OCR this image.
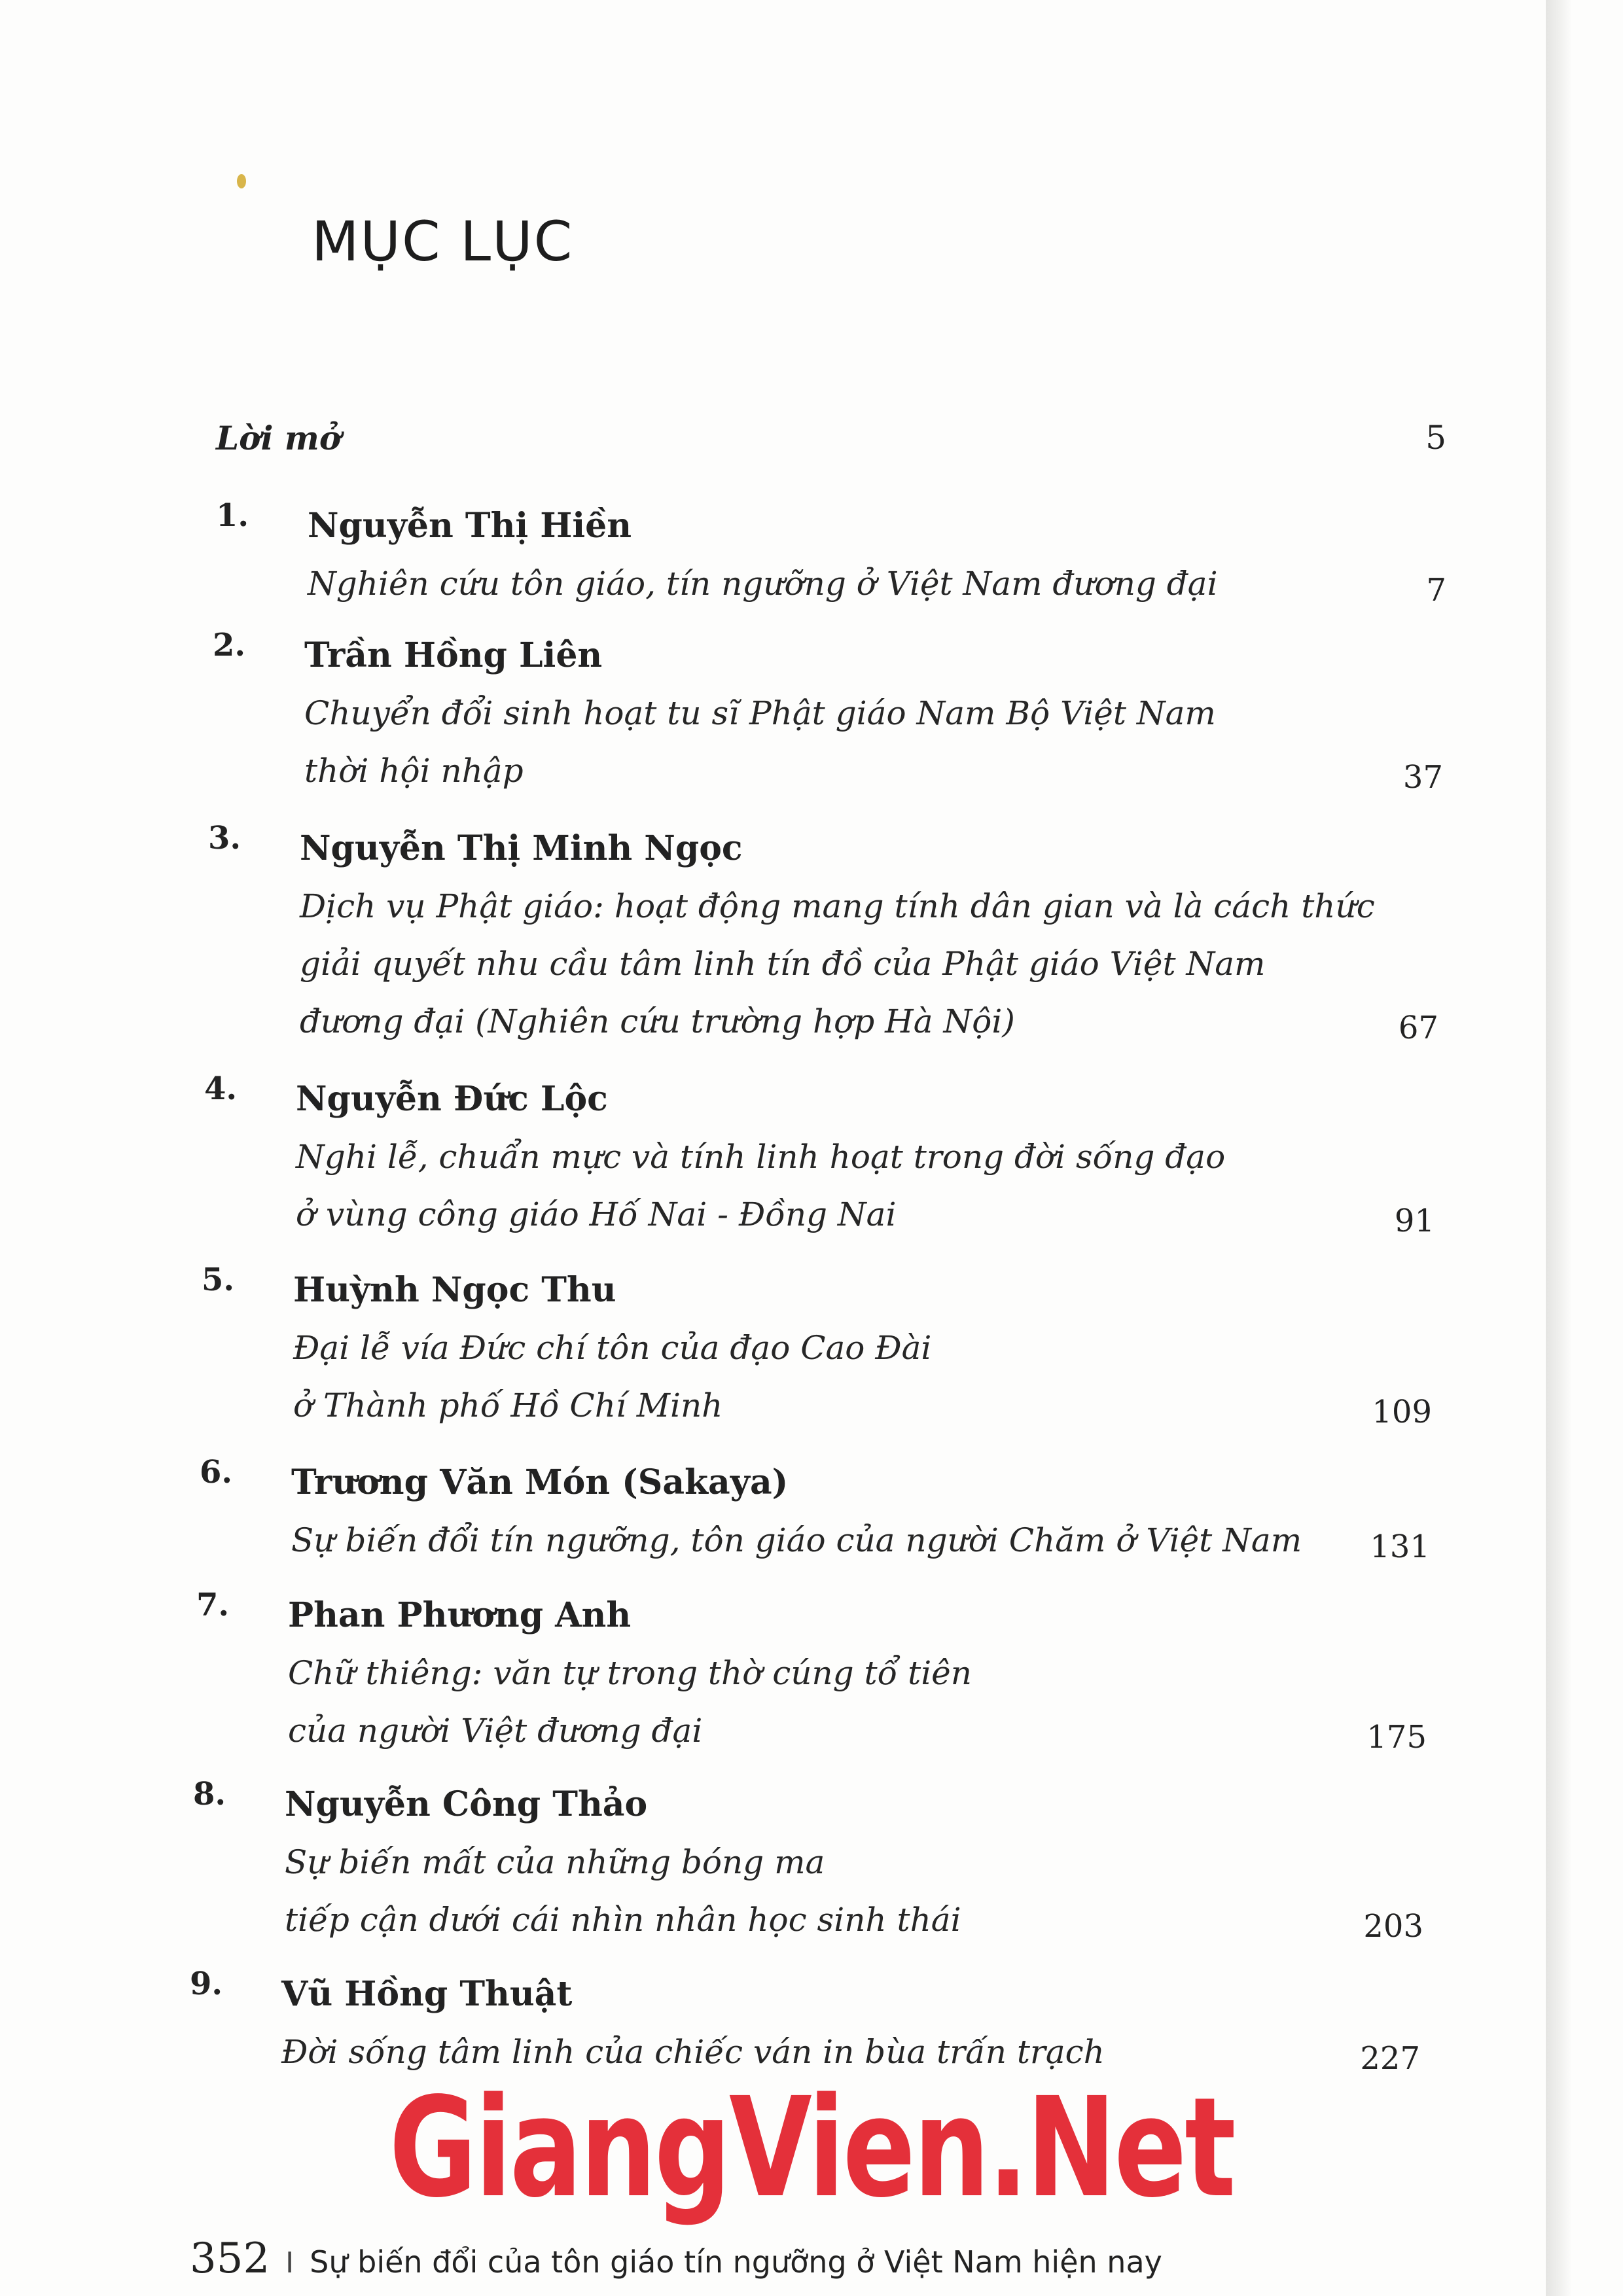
MỤC LỤC
Lời mở	5
1. Nguyễn Thị Hiền
Nghiên cứu tôn giáo, tín ngưỡng ở Việt Nam đương đại	7
2. Trần Hồng Liên
Chuyển đổi sinh hoạt tu sĩ Phật giáo Nam Bộ Việt Nam
thời hội nhập	37
3. Nguyễn Thị Minh Ngọc
Dịch vụ Phật giáo: hoạt động mang tính dân gian và là cách thức
giải quyết nhu cầu tâm linh tín đồ của Phật giáo Việt Nam
đương đại (Nghiên cứu trường hợp Hà Nội)	67
4. Nguyễn Đức Lộc
Nghi lễ, chuẩn mực và tính linh hoạt trong đời sống đạo
ở vùng công giáo Hố Nai - Đồng Nai	91
5. Huỳnh Ngọc Thu
Đại lễ vía Đức chí tôn của đạo Cao Đài
ở Thành phố Hồ Chí Minh	109
6. Trương Văn Món (Sakaya)
Sự biến đổi tín ngưỡng, tôn giáo của người Chăm ở Việt Nam 131
7. Phan Phương Anh
Chữ thiêng: văn tự trong thờ cúng tổ tiên
của người Việt đương đại	175
8. Nguyễn Công Thảo
Sự biến mất của những bóng ma
tiếp cận dưới cái nhìn nhân học sinh thái	203
9. Vũ Hồng Thuật
Đời sống tâm linh của chiếc ván in bùa trấn trạch	227
GiangVien.Net
352 I Sự biến đổi của tôn giáo tín ngưỡng ở Việt Nam hiện nay
